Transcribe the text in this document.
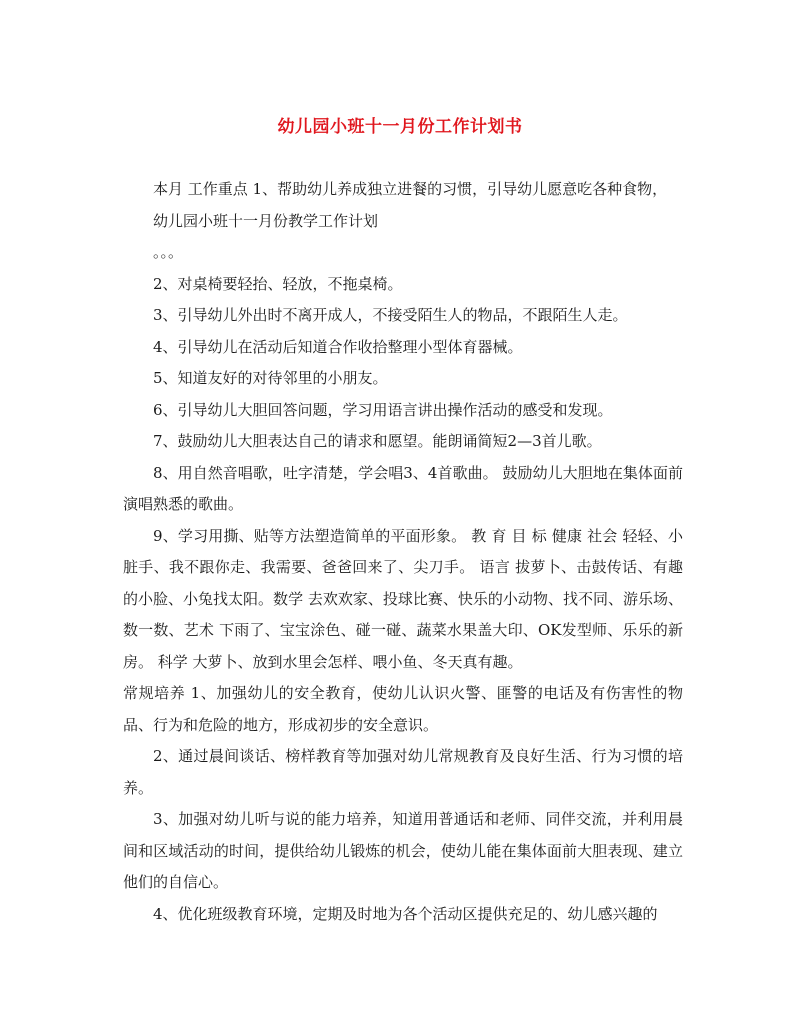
幼儿园小班十一月份工作计划书

本月 工作重点 1、帮助幼儿养成独立进餐的习惯，引导幼儿愿意吃各种食物，

幼儿园小班十一月份教学工作计划

。。。

2、对桌椅要轻抬、轻放，不拖桌椅。

3、引导幼儿外出时不离开成人，不接受陌生人的物品，不跟陌生人走。

4、引导幼儿在活动后知道合作收拾整理小型体育器械。

5、知道友好的对待邻里的小朋友。

6、引导幼儿大胆回答问题，学习用语言讲出操作活动的感受和发现。

7、鼓励幼儿大胆表达自己的请求和愿望。能朗诵简短2—3首儿歌。

8、用自然音唱歌，吐字清楚，学会唱3、4首歌曲。 鼓励幼儿大胆地在集体面前演唱熟悉的歌曲。

9、学习用撕、贴等方法塑造简单的平面形象。 教 育 目 标 健康 社会 轻轻、小脏手、我不跟你走、我需要、爸爸回来了、尖刀手。 语言 拔萝卜、击鼓传话、有趣的小脸、小兔找太阳。数学 去欢欢家、投球比赛、快乐的小动物、找不同、游乐场、数一数、艺术 下雨了、宝宝涂色、碰一碰、蔬菜水果盖大印、OK发型师、乐乐的新房。 科学 大萝卜、放到水里会怎样、喂小鱼、冬天真有趣。

常规培养 1、加强幼儿的安全教育，使幼儿认识火警、匪警的电话及有伤害性的物品、行为和危险的地方，形成初步的安全意识。

2、通过晨间谈话、榜样教育等加强对幼儿常规教育及良好生活、行为习惯的培养。

3、加强对幼儿听与说的能力培养，知道用普通话和老师、同伴交流，并利用晨间和区域活动的时间，提供给幼儿锻炼的机会，使幼儿能在集体面前大胆表现、建立他们的自信心。

4、优化班级教育环境，定期及时地为各个活动区提供充足的、幼儿感兴趣的
